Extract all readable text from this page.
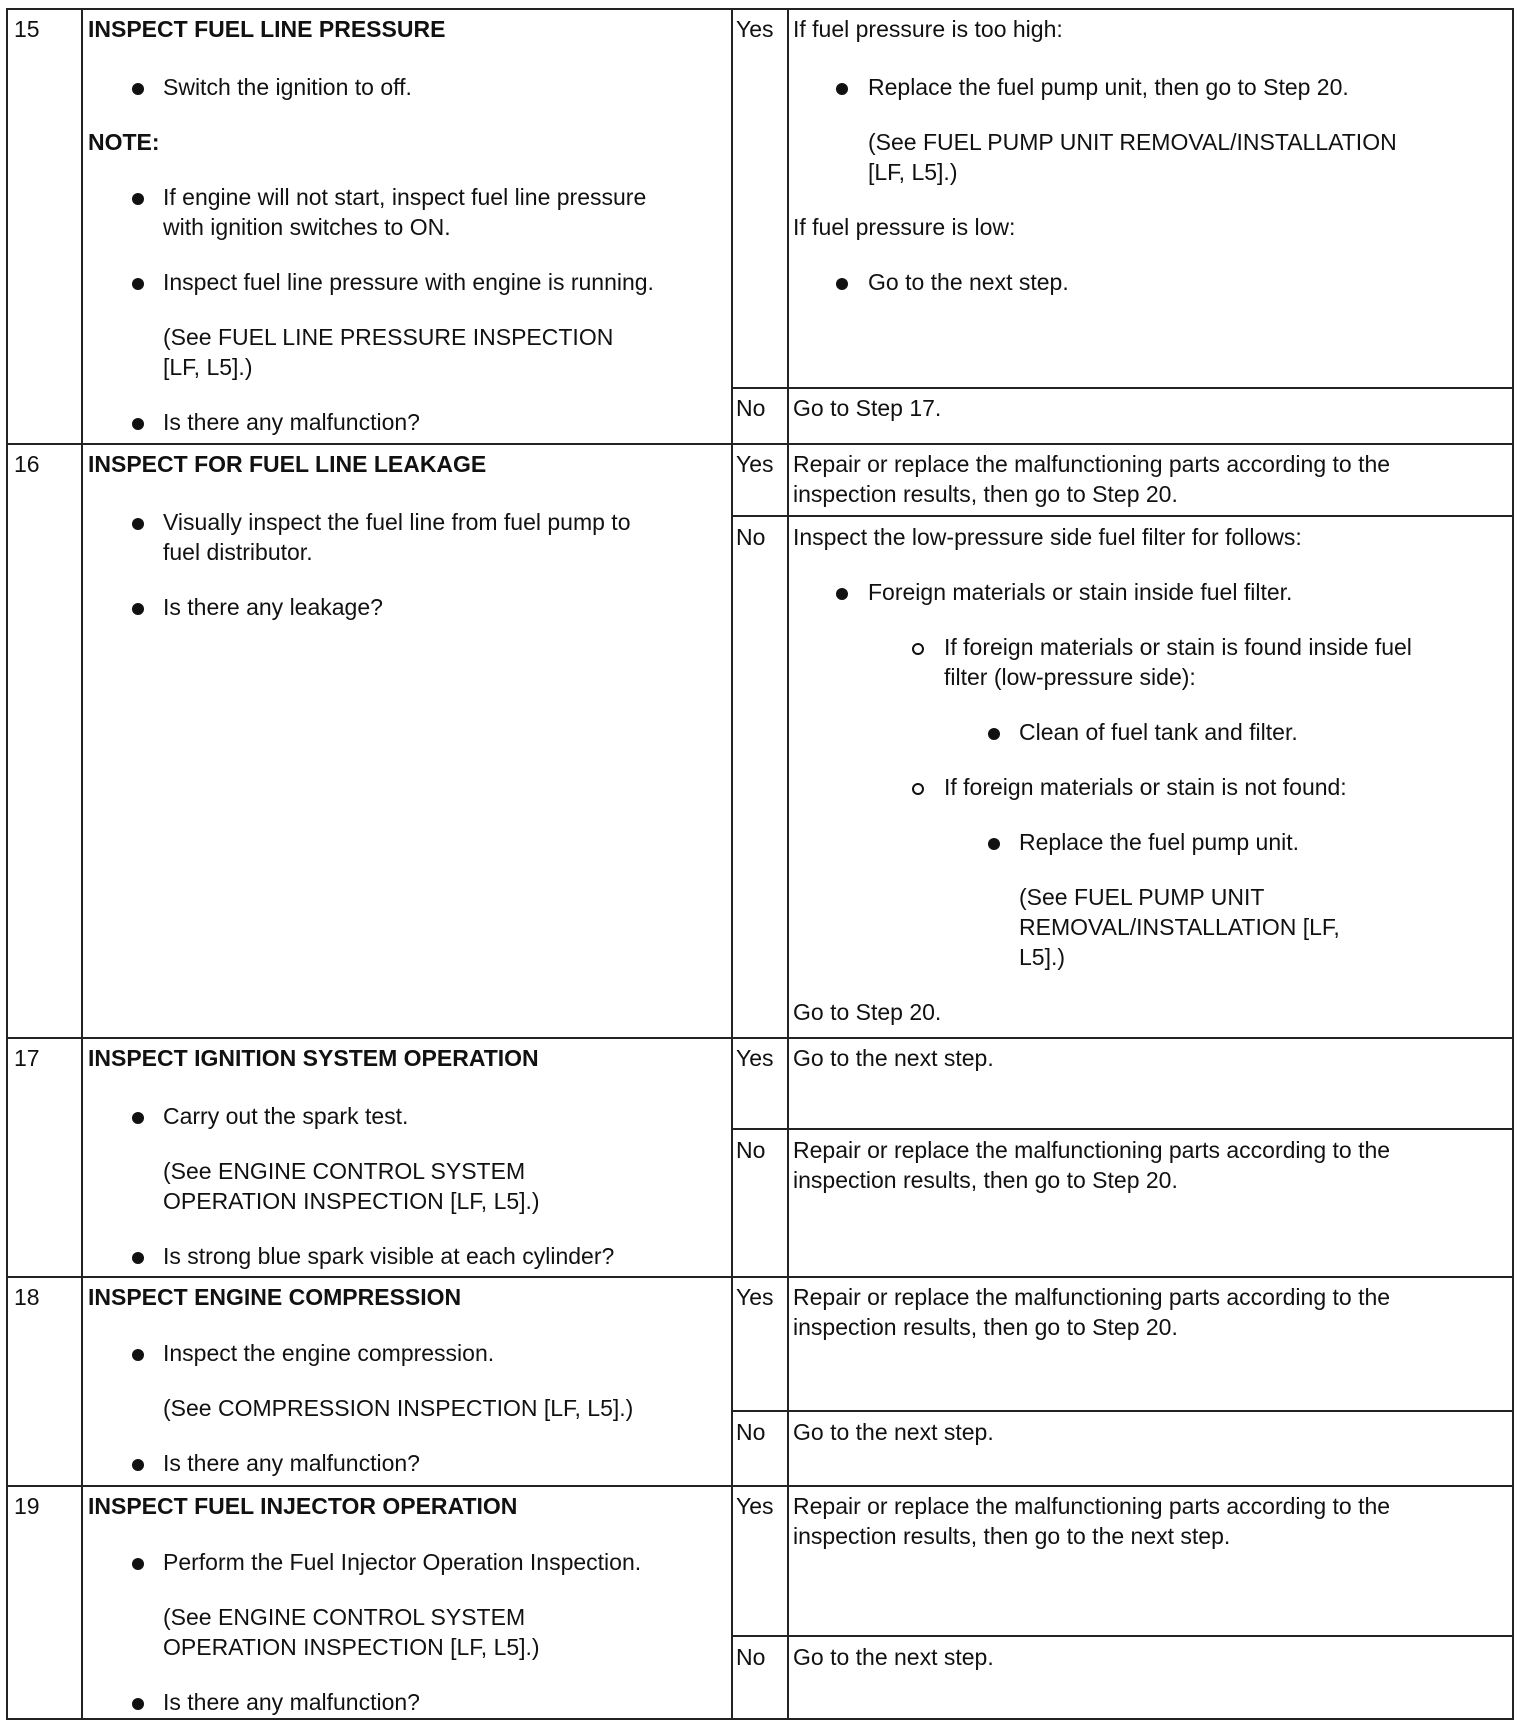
15 INSPECT FUEL LINE PRESSURE
Switch the ignition to off.
NOTE:
If engine will not start, inspect fuel line pressure
with ignition switches to ON.
Inspect fuel line pressure with engine is running.
(See FUEL LINE PRESSURE INSPECTION
[LF, L5].)
Is there any malfunction?
Yes If fuel pressure is too high:
Replace the fuel pump unit, then go to Step 20.
(See FUEL PUMP UNIT REMOVAL/INSTALLATION
[LF, L5].)
If fuel pressure is low:
Go to the next step.
No Go to Step 17.
16 INSPECT FOR FUEL LINE LEAKAGE
Visually inspect the fuel line from fuel pump to
fuel distributor.
Is there any leakage?
Yes Repair or replace the malfunctioning parts according to the
inspection results, then go to Step 20.
No Inspect the low-pressure side fuel filter for follows:
Foreign materials or stain inside fuel filter.
If foreign materials or stain is found inside fuel
filter (low-pressure side):
Clean of fuel tank and filter.
If foreign materials or stain is not found:
Replace the fuel pump unit.
(See FUEL PUMP UNIT
REMOVAL/INSTALLATION [LF,
L5].)
Go to Step 20.
17 INSPECT IGNITION SYSTEM OPERATION
Carry out the spark test.
(See ENGINE CONTROL SYSTEM
OPERATION INSPECTION [LF, L5].)
Is strong blue spark visible at each cylinder?
Yes Go to the next step.
No Repair or replace the malfunctioning parts according to the
inspection results, then go to Step 20.
18 INSPECT ENGINE COMPRESSION
Inspect the engine compression.
(See COMPRESSION INSPECTION [LF, L5].)
Is there any malfunction?
Yes Repair or replace the malfunctioning parts according to the
inspection results, then go to Step 20.
No Go to the next step.
19 INSPECT FUEL INJECTOR OPERATION
Perform the Fuel Injector Operation Inspection.
(See ENGINE CONTROL SYSTEM
OPERATION INSPECTION [LF, L5].)
Is there any malfunction?
Yes Repair or replace the malfunctioning parts according to the
inspection results, then go to the next step.
No Go to the next step.
